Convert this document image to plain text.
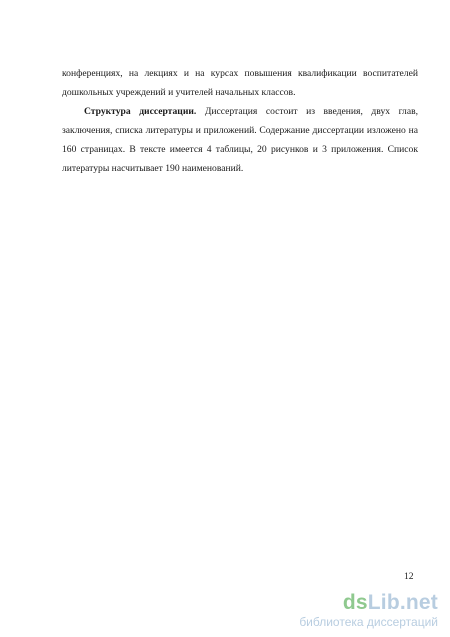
конференциях, на лекциях и на курсах повышения квалификации воспитателей дошкольных учреждений и учителей начальных классов.

Структура диссертации. Диссертация состоит из введения, двух глав, заключения, списка литературы и приложений. Содержание диссертации изложено на 160 страницах. В тексте имеется 4 таблицы, 20 рисунков и 3 приложения. Список литературы насчитывает 190 наименований.

12
dsLib.net
библиотека диссертаций
